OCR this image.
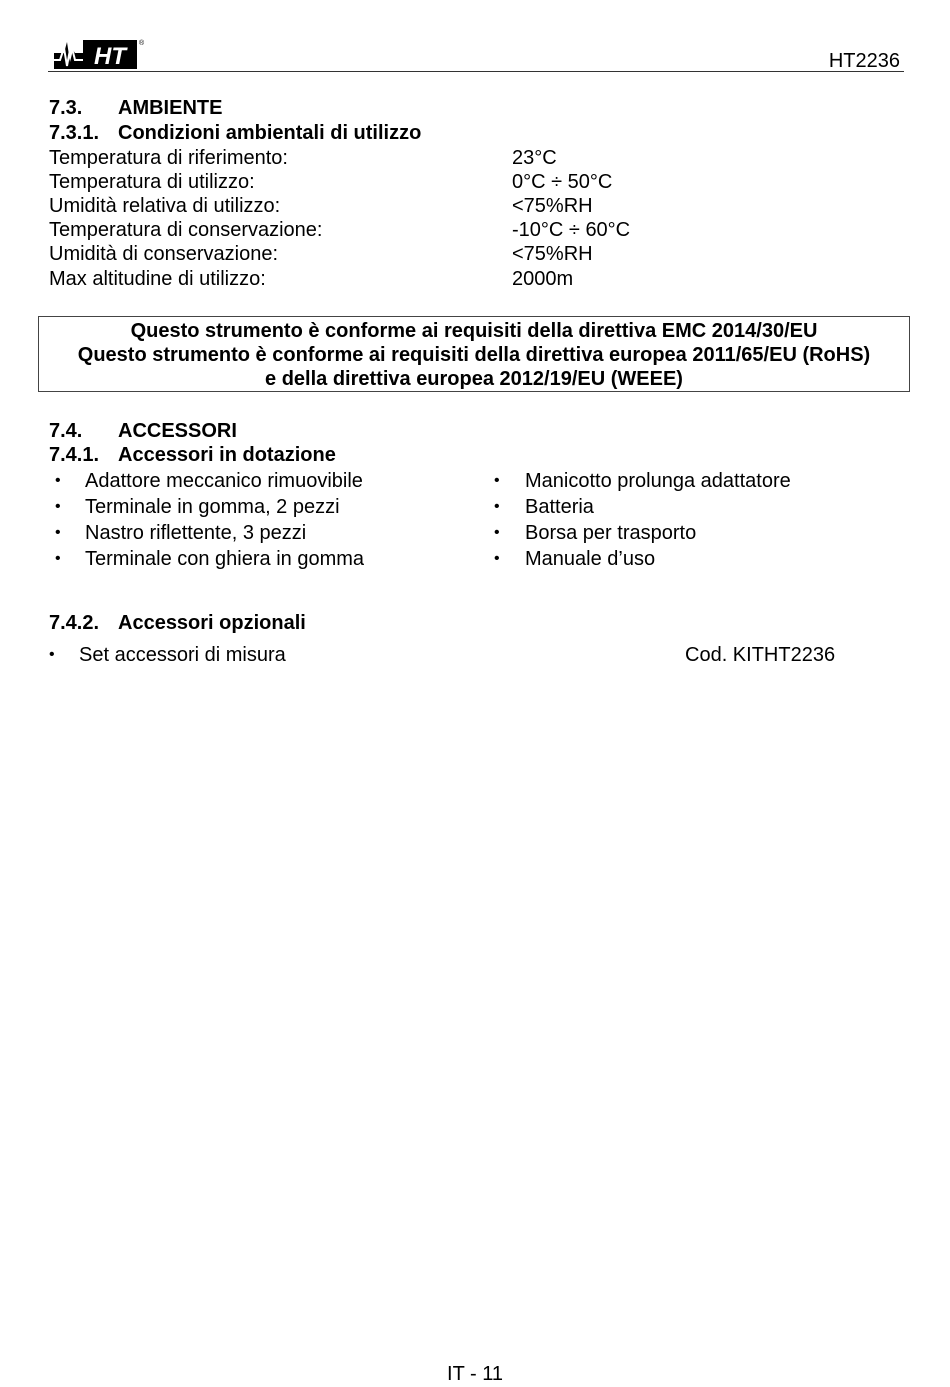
HT	®
HT2236
7.3. AMBIENTE
7.3.1. Condizioni ambientali di utilizzo
Temperatura di riferimento:	23°C
Temperatura di utilizzo:	0°C ÷ 50°C
Umidità relativa di utilizzo:	<75%RH
Temperatura di conservazione:	-10°C ÷ 60°C
Umidità di conservazione:	<75%RH
Max altitudine di utilizzo:	2000m
Questo strumento è conforme ai requisiti della direttiva EMC 2014/30/EU
Questo strumento è conforme ai requisiti della direttiva europea 2011/65/EU (RoHS)
e della direttiva europea 2012/19/EU (WEEE)
7.4. ACCESSORI
7.4.1. Accessori in dotazione
• Adattore meccanico rimuovibile
• Terminale in gomma, 2 pezzi
• Nastro riflettente, 3 pezzi
• Terminale con ghiera in gomma
• Manicotto prolunga adattatore
• Batteria
• Borsa per trasporto
• Manuale d’uso
7.4.2. Accessori opzionali
• Set accessori di misura	Cod. KITHT2236
IT - 11
